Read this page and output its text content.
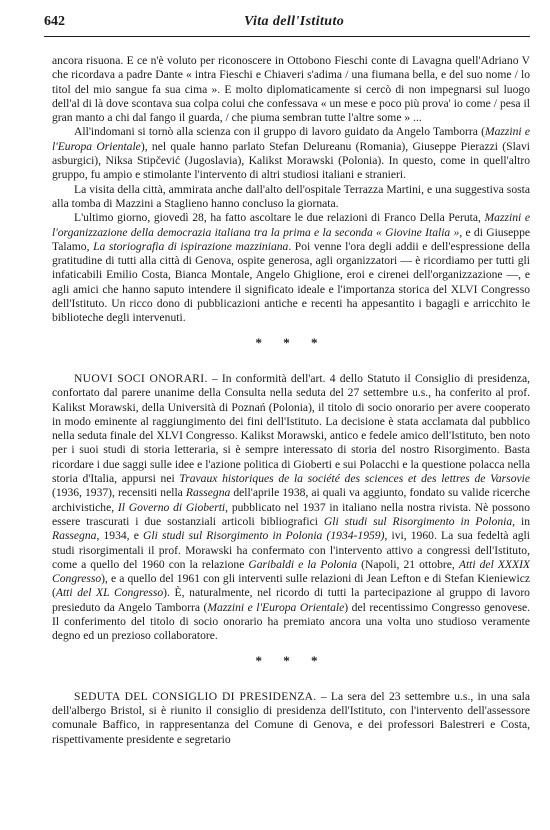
642	Vita dell'Istituto

ancora risuona. E ce n'è voluto per riconoscere in Ottobono Fieschi conte di Lavagna quell'Adriano V che ricordava a padre Dante « intra Fieschi e Chiaveri s'adima / una fiumana bella, e del suo nome / lo titol del mio sangue fa sua cima ». E molto diplomaticamente si cercò di non impegnarsi sul luogo dell'al di là dove scontava sua colpa colui che confessava « un mese e poco più prova' io come / pesa il gran manto a chi dal fango il guarda, / che piuma sembran tutte l'altre some » ...

All'indomani si tornò alla scienza con il gruppo di lavoro guidato da Angelo Tamborra (Mazzini e l'Europa Orientale), nel quale hanno parlato Stefan Delureanu (Romania), Giuseppe Pierazzi (Slavi asburgici), Niksa Stipčević (Jugoslavia), Kalikst Morawski (Polonia). In questo, come in quell'altro gruppo, fu ampio e stimolante l'intervento di altri studiosi italiani e stranieri.

La visita della città, ammirata anche dall'alto dell'ospitale Terrazza Martini, e una suggestiva sosta alla tomba di Mazzini a Staglieno hanno concluso la giornata.

L'ultimo giorno, giovedì 28, ha fatto ascoltare le due relazioni di Franco Della Peruta, Mazzini e l'organizzazione della democrazia italiana tra la prima e la seconda « Giovine Italia », e di Giuseppe Talamo, La storiografia di ispirazione mazziniana. Poi venne l'ora degli addii e dell'espressione della gratitudine di tutti alla città di Genova, ospite generosa, agli organizzatori — è ricordiamo per tutti gli infaticabili Emilio Costa, Bianca Montale, Angelo Ghiglione, eroi e cirenei dell'organizzazione —, e agli amici che hanno saputo intendere il significato ideale e l'importanza storica del XLVI Congresso dell'Istituto. Un ricco dono di pubblicazioni antiche e recenti ha appesantito i bagagli e arricchito le biblioteche degli intervenuti.

* * *

NUOVI SOCI ONORARI. – In conformità dell'art. 4 dello Statuto il Consiglio di presidenza, confortato dal parere unanime della Consulta nella seduta del 27 settembre u.s., ha conferito al prof. Kalikst Morawski, della Università di Poznań (Polonia), il titolo di socio onorario per avere cooperato in modo eminente al raggiungimento dei fini dell'Istituto. La decisione è stata acclamata dal pubblico nella seduta finale del XLVI Congresso. Kalikst Morawski, antico e fedele amico dell'Istituto, ben noto per i suoi studi di storia letteraria, si è sempre interessato di storia del nostro Risorgimento. Basta ricordare i due saggi sulle idee e l'azione politica di Gioberti e sui Polacchi e la questione polacca nella storia d'Italia, appursi nei Travaux historiques de la société des sciences et des lettres de Varsovie (1936, 1937), recensiti nella Rassegna dell'aprile 1938, ai quali va aggiunto, fondato su valide ricerche archivistiche, Il Governo di Gioberti, pubblicato nel 1937 in italiano nella nostra rivista. Nè possono essere trascurati i due sostanziali articoli bibliografici Gli studi sul Risorgimento in Polonia, in Rassegna, 1934, e Gli studi sul Risorgimento in Polonia (1934-1959), ivi, 1960. La sua fedeltà agli studi risorgimentali il prof. Morawski ha confermato con l'intervento attivo a congressi dell'Istituto, come a quello del 1960 con la relazione Garibaldi e la Polonia (Napoli, 21 ottobre, Atti del XXXIX Congresso), e a quello del 1961 con gli interventi sulle relazioni di Jean Lefton e di Stefan Kieniewicz (Atti del XL Congresso). È, naturalmente, nel ricordo di tutti la partecipazione al gruppo di lavoro presieduto da Angelo Tamborra (Mazzini e l'Europa Orientale) del recentissimo Congresso genovese. Il conferimento del titolo di socio onorario ha premiato ancora una volta uno studioso veramente degno ed un prezioso collaboratore.

* * *

SEDUTA DEL CONSIGLIO DI PRESIDENZA. – La sera del 23 settembre u.s., in una sala dell'albergo Bristol, si è riunito il consiglio di presidenza dell'Istituto, con l'intervento dell'assessore comunale Baffico, in rappresentanza del Comune di Genova, e dei professori Balestreri e Costa, rispettivamente presidente e segretario
